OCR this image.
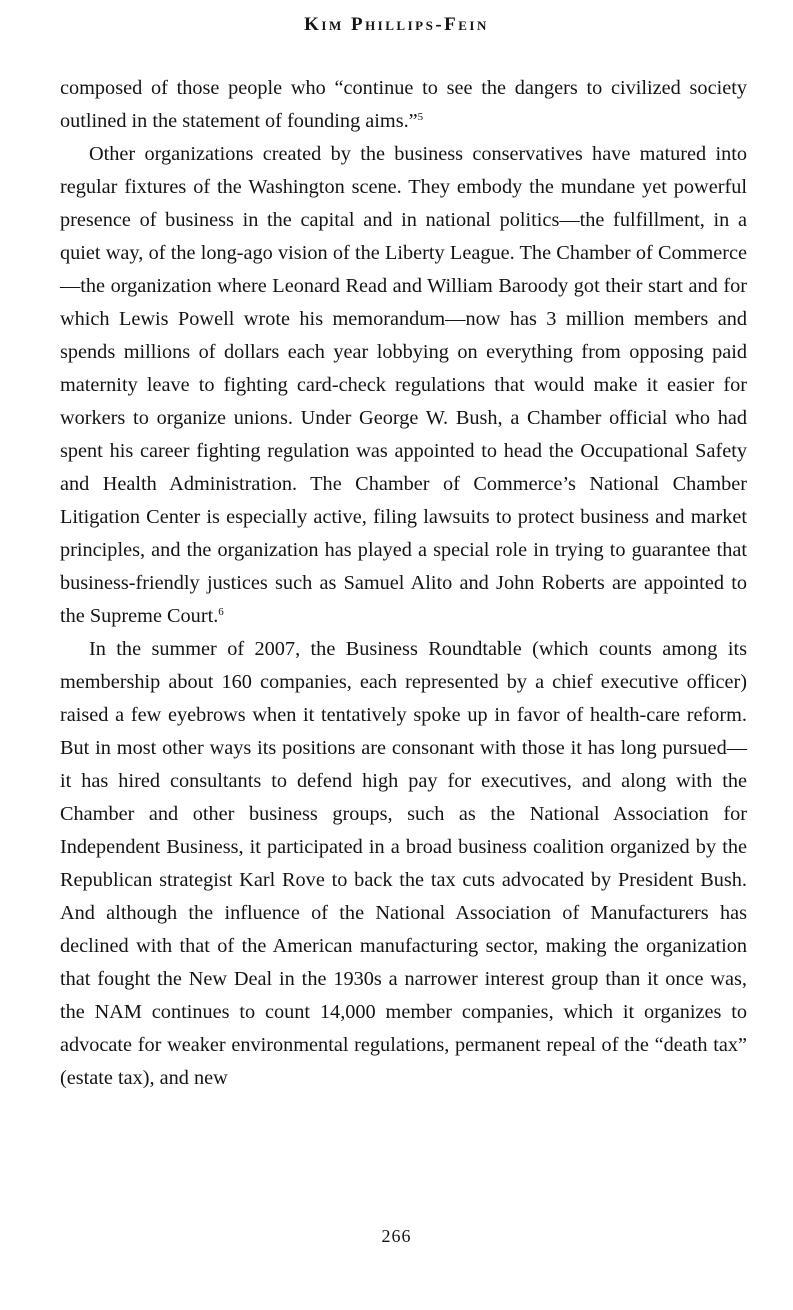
Kim Phillips-Fein

composed of those people who “continue to see the dangers to civilized society outlined in the statement of founding aims.”$^5$

Other organizations created by the business conservatives have matured into regular fixtures of the Washington scene. They embody the mundane yet powerful presence of business in the capital and in national politics—the fulfillment, in a quiet way, of the long-ago vision of the Liberty League. The Chamber of Commerce—the organization where Leonard Read and William Baroody got their start and for which Lewis Powell wrote his memorandum—now has 3 million members and spends millions of dollars each year lobbying on everything from opposing paid maternity leave to fighting card-check regulations that would make it easier for workers to organize unions. Under George W. Bush, a Chamber official who had spent his career fighting regulation was appointed to head the Occupational Safety and Health Administration. The Chamber of Commerce’s National Chamber Litigation Center is especially active, filing lawsuits to protect business and market principles, and the organization has played a special role in trying to guarantee that business-friendly justices such as Samuel Alito and John Roberts are appointed to the Supreme Court.$^6$

In the summer of 2007, the Business Roundtable (which counts among its membership about 160 companies, each represented by a chief executive officer) raised a few eyebrows when it tentatively spoke up in favor of health-care reform. But in most other ways its positions are consonant with those it has long pursued—it has hired consultants to defend high pay for executives, and along with the Chamber and other business groups, such as the National Association for Independent Business, it participated in a broad business coalition organized by the Republican strategist Karl Rove to back the tax cuts advocated by President Bush. And although the influence of the National Association of Manufacturers has declined with that of the American manufacturing sector, making the organization that fought the New Deal in the 1930s a narrower interest group than it once was, the NAM continues to count 14,000 member companies, which it organizes to advocate for weaker environmental regulations, permanent repeal of the “death tax” (estate tax), and new

266
